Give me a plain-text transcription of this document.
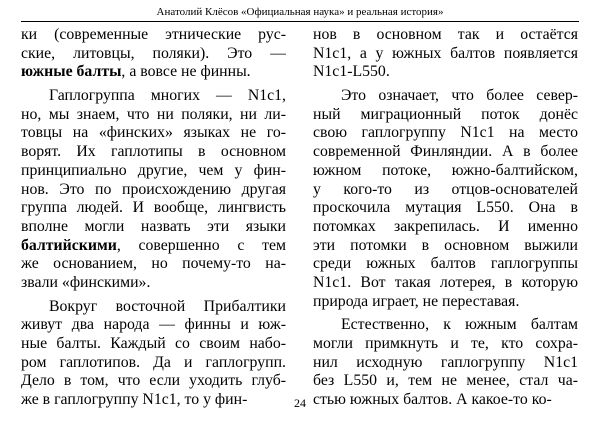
Анатолий Клёсов «Официальная наука» и реальная история»

ки (современные этнические рус-
ские, литовцы, поляки). Это —
южные балты, а вовсе не финны.

Гаплогруппа многих — N1c1,
но, мы знаем, что ни поляки, ни ли-
товцы на «финских» языках не го-
ворят. Их гаплотипы в основном
принципиально другие, чем у фин-
нов. Это по происхождению другая
группа людей. И вообще, лингвисть
вполне могли назвать эти языки
балтийскими, совершенно с тем
же основанием, но почему-то на-
звали «финскими».

Вокруг восточной Прибалтики
живут два народа — финны и юж-
ные балты. Каждый со своим набо-
ром гаплотипов. Да и гаплогрупп.
Дело в том, что если уходить глуб-
же в гаплогруппу N1c1, то у фин-

нов в основном так и остаётся
N1c1, а у южных балтов появляется
N1c1-L550.

Это означает, что более север-
ный миграционный поток донёс
свою гаплогруппу N1c1 на место
современной Финляндии. А в более
южном потоке, южно-балтийском,
у кого-то из отцов-основателей
проскочила мутация L550. Она в
потомках закрепилась. И именно
эти потомки в основном выжили
среди южных балтов гаплогруппы
N1c1. Вот такая лотерея, в которую
природа играет, не переставая.

Естественно, к южным балтам
могли примкнуть и те, кто сохра-
нил исходную гаплогруппу N1c1
без L550 и, тем не менее, стал ча-
стью южных балтов. А какое-то ко-

24
